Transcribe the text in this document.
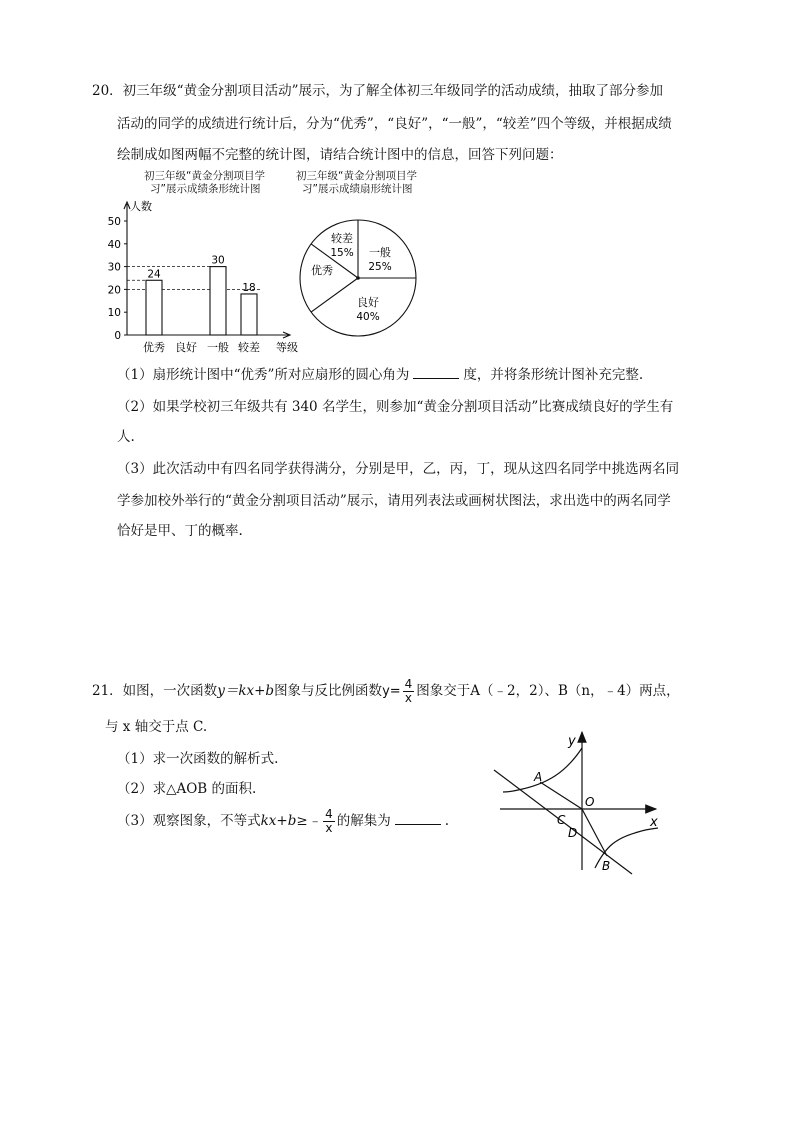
20．初三年级“黄金分割项目活动”展示，为了解全体初三年级同学的活动成绩，抽取了部分参加
活动的同学的成绩进行统计后，分为“优秀”，“良好”，“一般”，“较差”四个等级，并根据成绩
绘制成如图两幅不完整的统计图，请结合统计图中的信息，回答下列问题：
初三年级“黄金分割项目学
习”展示成绩条形统计图
初三年级“黄金分割项目学
习”展示成绩扇形统计图
人数
等级
0
10
20
30
40
50
优秀
24
良好 一般
30
较差
18
一般
25%
良好
40%
优秀
较差
15%
（1）扇形统计图中“优秀”所对应扇形的圆心角为	度，并将条形统计图补充完整.
（2）如果学校初三年级共有 340 名学生，则参加“黄金分割项目活动”比赛成绩良好的学生有
人.
（3）此次活动中有四名同学获得满分，分别是甲，乙，丙，丁，现从这四名同学中挑选两名同
学参加校外举行的“黄金分割项目活动”展示，请用列表法或画树状图法，求出选中的两名同学
恰好是甲、丁的概率.
21．如图，一次函数y＝kx+b图象与反比例函数$y= \frac{4}{x}$ 图象交于A（﹣2，2）、B（n，﹣4）两点，
与 x 轴交于点 C.
（1）求一次函数的解析式.
（2）求△AOB 的面积.
（3）观察图象，不等式kx+b≥﹣ $\frac{4}{x}$ 的解集为	.
y
x
O
A
B
C
D
